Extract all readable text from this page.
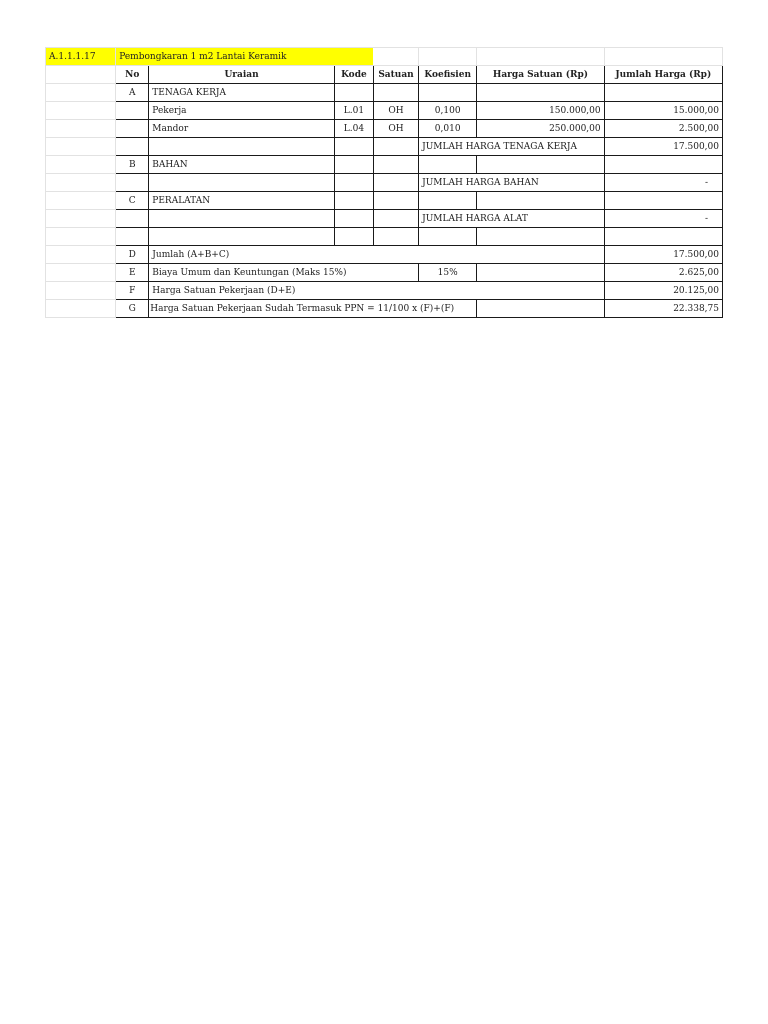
A.1.1.1.17	Pembongkaran 1 m2 Lantai Keramik						
	No	Uraian	Kode	Satuan	Koefisien	Harga Satuan (Rp)	Jumlah Harga (Rp)
	A	TENAGA KERJA					
		Pekerja	L.01	OH	0,100	150.000,00	15.000,00
		Mandor	L.04	OH	0,010	250.000,00	2.500,00
					JUMLAH HARGA TENAGA KERJA		17.500,00
	B	BAHAN					
					JUMLAH HARGA BAHAN		-
	C	PERALATAN					
					JUMLAH HARGA ALAT		-

	D	Jumlah (A+B+C)					17.500,00
	E	Biaya Umum dan Keuntungan (Maks 15%)			15%		2.625,00
	F	Harga Satuan Pekerjaan (D+E)					20.125,00
	G	Harga Satuan Pekerjaan Sudah Termasuk PPN = 11/100 x (F)+(F)					22.338,75
